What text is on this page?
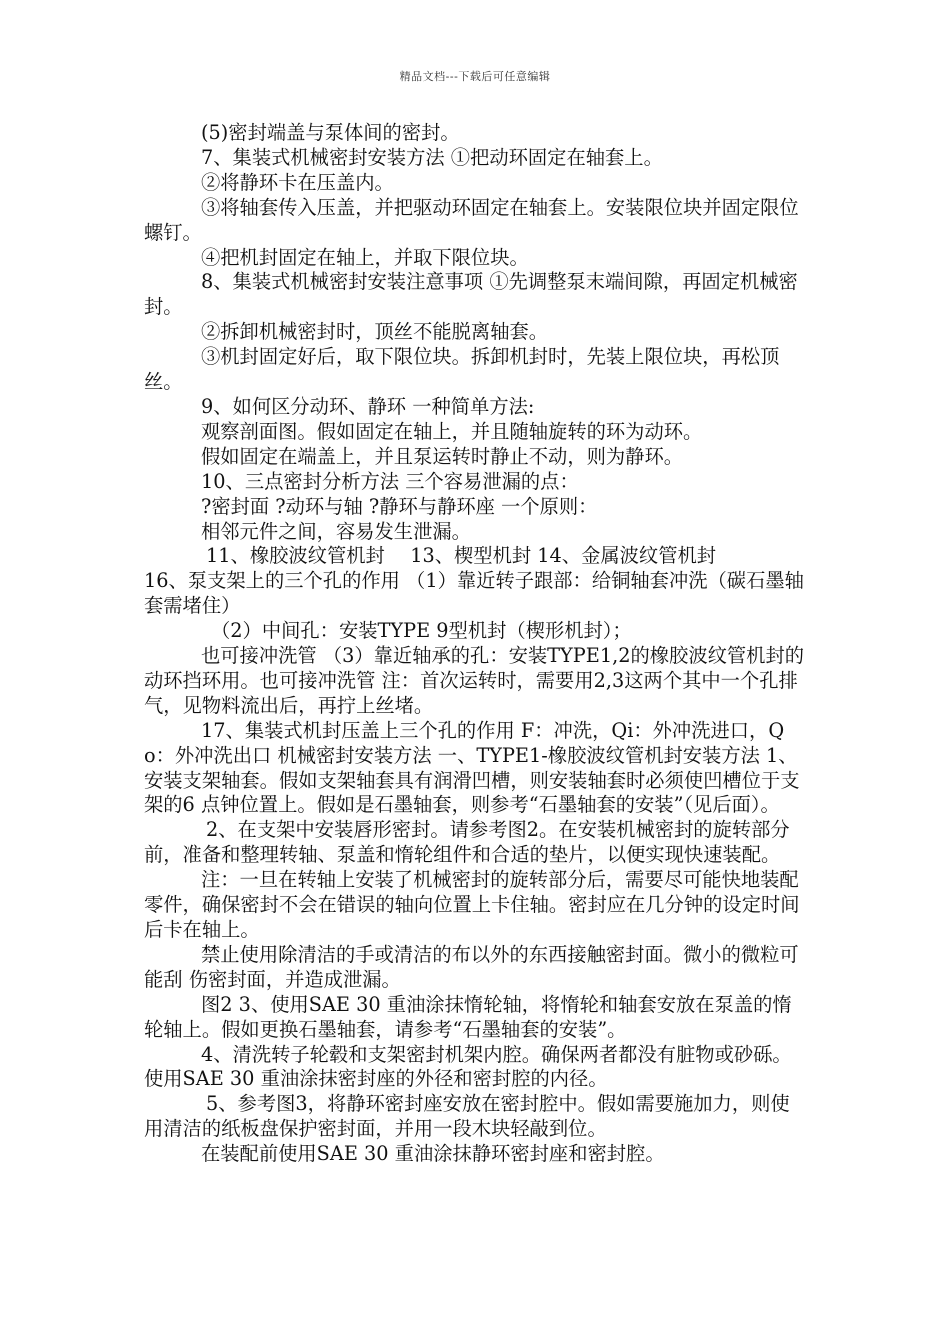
精品文档---下载后可任意编辑

(5)密封端盖与泵体间的密封。

7、集装式机械密封安装方法 ①把动环固定在轴套上。

②将静环卡在压盖内。

③将轴套传入压盖，并把驱动环固定在轴套上。安装限位块并固定限位螺钉。

④把机封固定在轴上，并取下限位块。

8、集装式机械密封安装注意事项 ①先调整泵末端间隙，再固定机械密封。

②拆卸机械密封时，顶丝不能脱离轴套。

③机封固定好后，取下限位块。拆卸机封时，先装上限位块，再松顶丝。

9、如何区分动环、静环 一种简单方法:

观察剖面图。假如固定在轴上，并且随轴旋转的环为动环。

假如固定在端盖上，并且泵运转时静止不动，则为静环。

10、三点密封分析方法 三个容易泄漏的点：

?密封面 ?动环与轴 ?静环与静环座 一个原则：

相邻元件之间，容易发生泄漏。

11、橡胶波纹管机封　 13、楔型机封 14、金属波纹管机封

16、泵支架上的三个孔的作用 （1）靠近转子跟部：给铜轴套冲洗（碳石墨轴套需堵住）

（2）中间孔：安装TYPE 9型机封（楔形机封）；

也可接冲洗管 （3）靠近轴承的孔：安装TYPE1,2的橡胶波纹管机封的动环挡环用。也可接冲洗管 注：首次运转时，需要用2,3这两个其中一个孔排气，见物料流出后，再拧上丝堵。

17、集装式机封压盖上三个孔的作用 F：冲洗，Qi：外冲洗进口，Qo：外冲洗出口 机械密封安装方法 一、TYPE1-橡胶波纹管机封安装方法 1、安装支架轴套。假如支架轴套具有润滑凹槽，则安装轴套时必须使凹槽位于支架的6 点钟位置上。假如是石墨轴套，则参考“石墨轴套的安装”（见后面）。

2、在支架中安装唇形密封。请参考图2。在安装机械密封的旋转部分前，准备和整理转轴、泵盖和惰轮组件和合适的垫片，以便实现快速装配。

注：一旦在转轴上安装了机械密封的旋转部分后，需要尽可能快地装配零件，确保密封不会在错误的轴向位置上卡住轴。密封应在几分钟的设定时间后卡在轴上。

禁止使用除清洁的手或清洁的布以外的东西接触密封面。微小的微粒可能刮 伤密封面，并造成泄漏。

图2 3、使用SAE 30 重油涂抹惰轮轴，将惰轮和轴套安放在泵盖的惰轮轴上。假如更换石墨轴套，请参考“石墨轴套的安装”。

4、清洗转子轮毂和支架密封机架内腔。确保两者都没有脏物或砂砾。使用SAE 30 重油涂抹密封座的外径和密封腔的内径。

5、参考图3，将静环密封座安放在密封腔中。假如需要施加力，则使用清洁的纸板盘保护密封面，并用一段木块轻敲到位。

在装配前使用SAE 30 重油涂抹静环密封座和密封腔。
